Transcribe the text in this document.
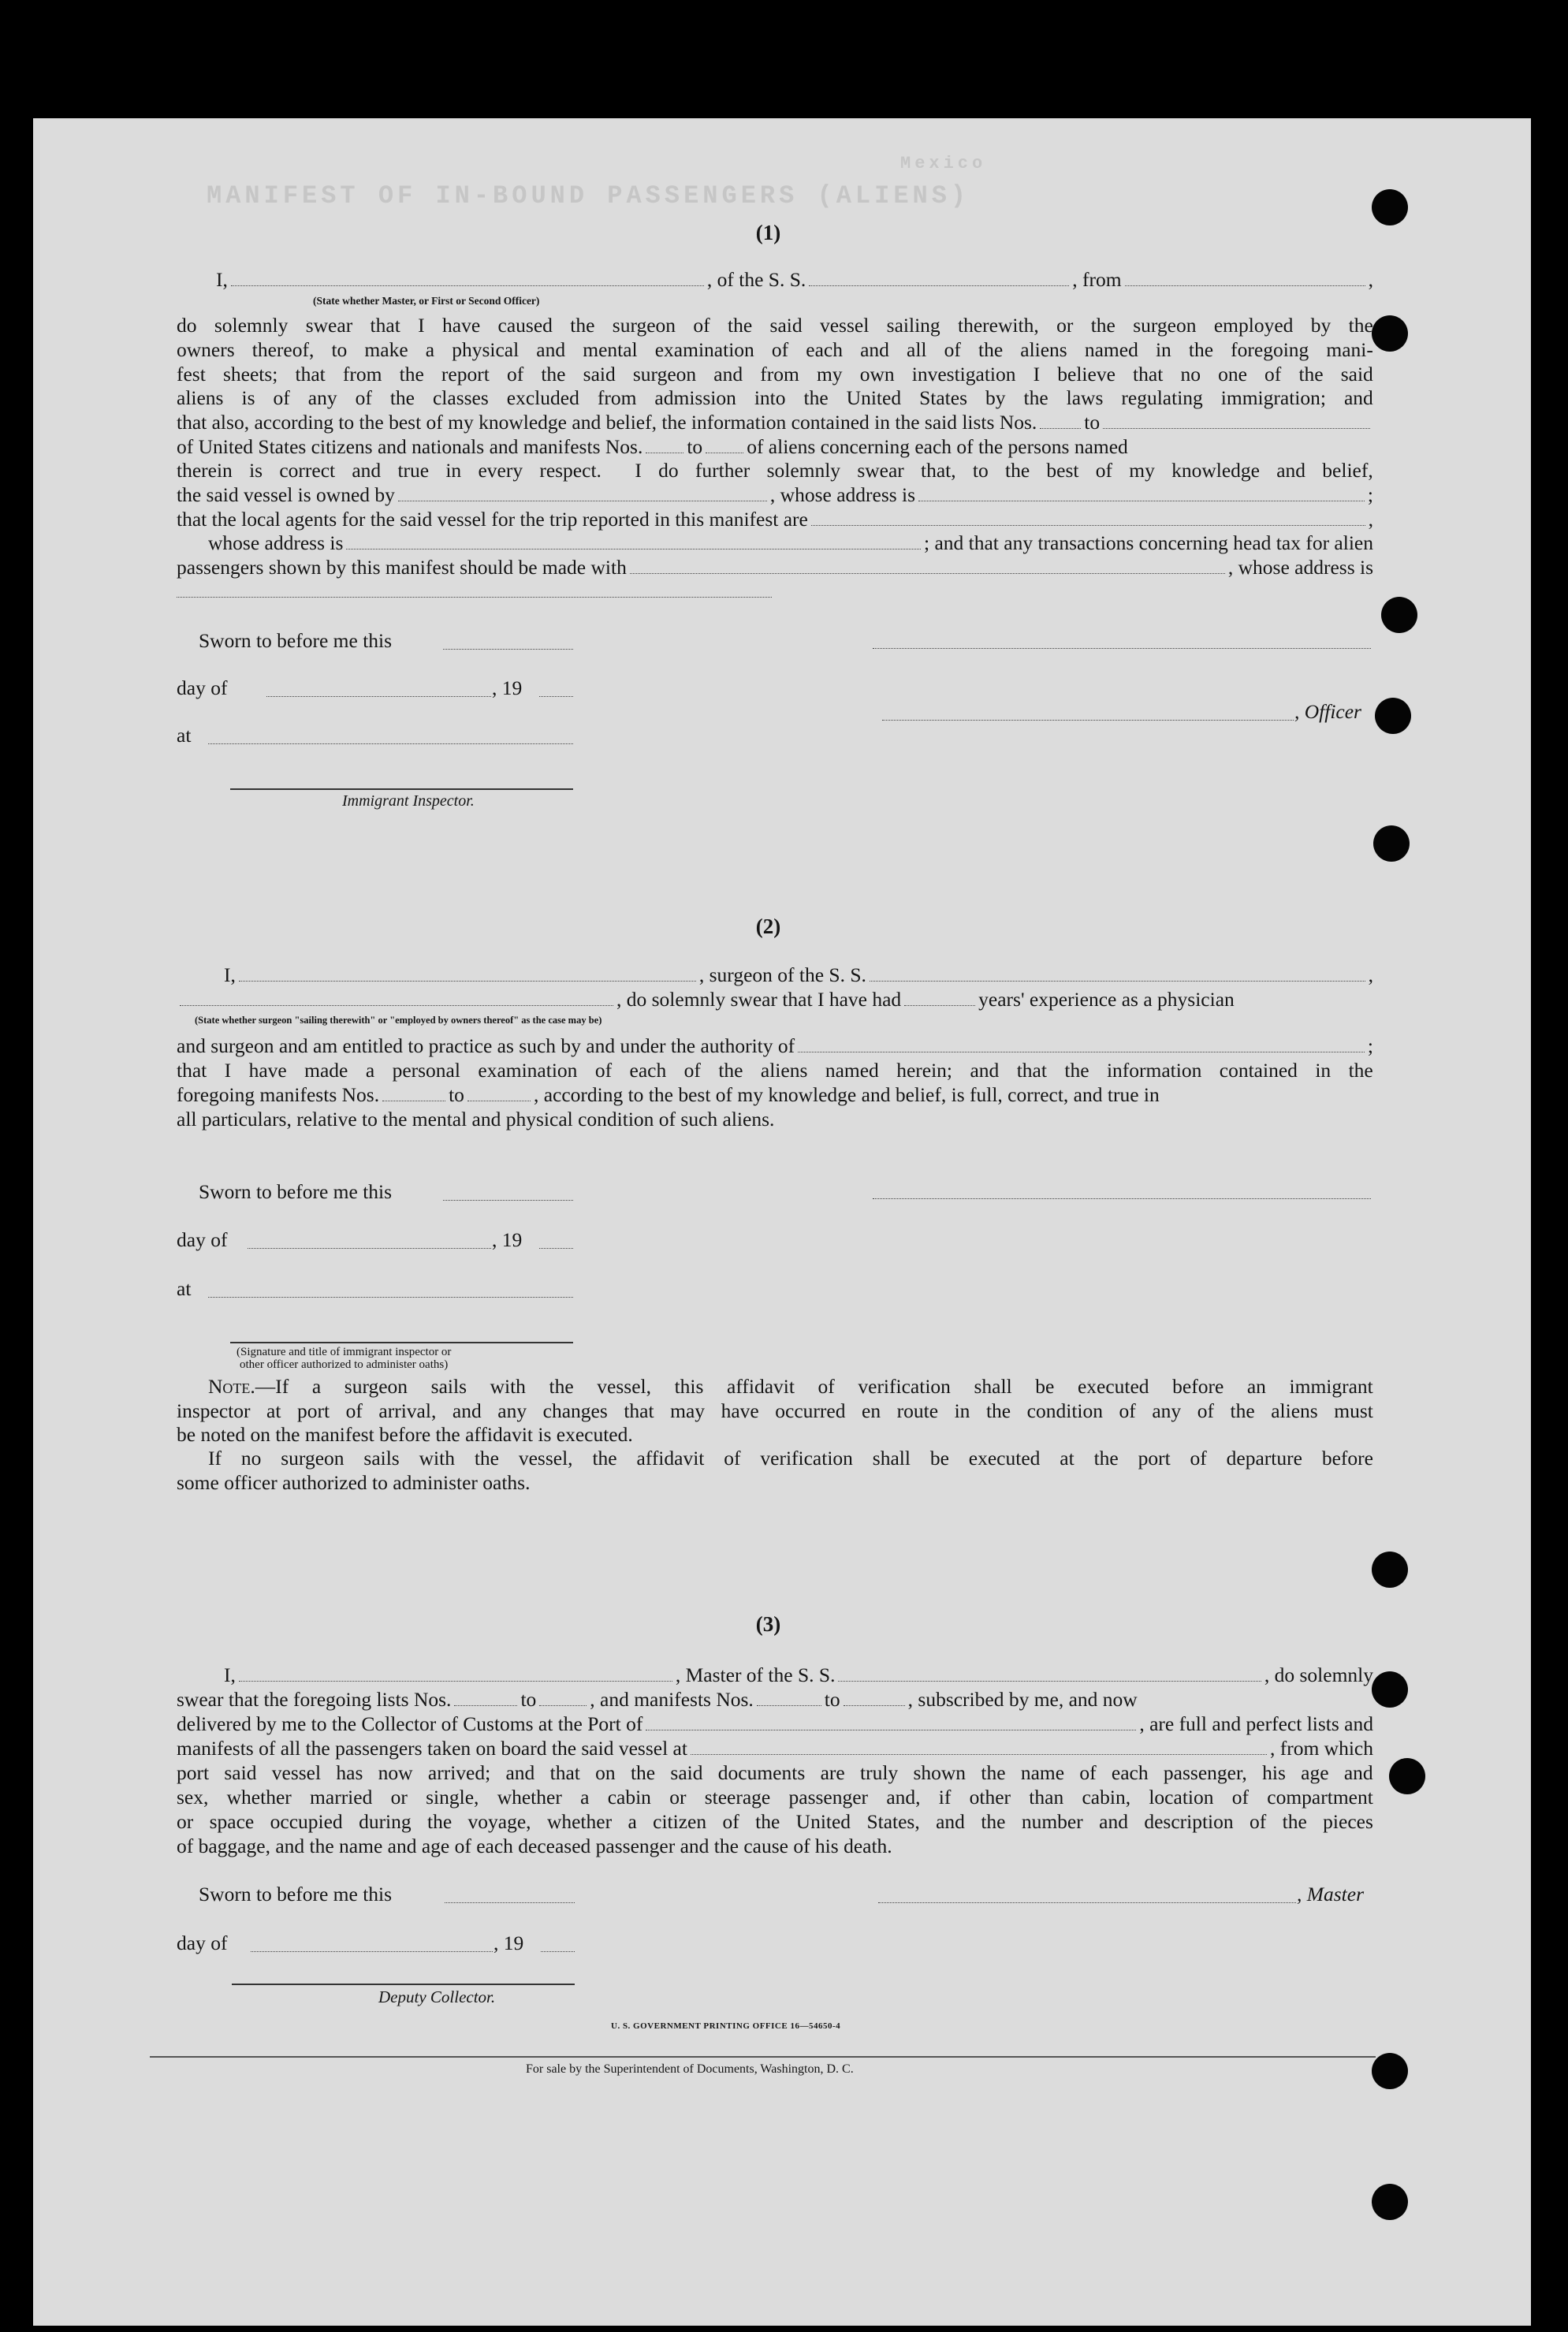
MANIFEST OF IN-BOUND PASSENGERS (ALIENS)
Mexico
(1)
I,	, of the S. S.	, from	,
(State whether Master, or First or Second Officer)
do solemnly swear that I have caused the surgeon of the said vessel sailing therewith, or the surgeon employed by the
owners thereof, to make a physical and mental examination of each and all of the aliens named in the foregoing mani-
fest sheets; that from the report of the said surgeon and from my own investigation I believe that no one of the said
aliens is of any of the classes excluded from admission into the United States by the laws regulating immigration; and
that also, according to the best of my knowledge and belief, the information contained in the said lists Nos. to
of United States citizens and nationals and manifests Nos. to of aliens concerning each of the persons named
therein is correct and true in every respect. I do further solemnly swear that, to the best of my knowledge and belief,
the said vessel is owned by	, whose address is	;
that the local agents for the said vessel for the trip reported in this manifest are	,
whose address is	; and that any transactions concerning head tax for alien
passengers shown by this manifest should be made with	, whose address is
Sworn to before me this
day of	, 19
, Officer
at
Immigrant Inspector.
(2)
I,	, surgeon of the S. S.	,
, do solemnly swear that I have had	years' experience as a physician
(State whether surgeon "sailing therewith" or "employed by owners thereof" as the case may be)
and surgeon and am entitled to practice as such by and under the authority of	;
that I have made a personal examination of each of the aliens named herein; and that the information contained in the
foregoing manifests Nos.	to	, according to the best of my knowledge and belief, is full, correct, and true in
all particulars, relative to the mental and physical condition of such aliens.
Sworn to before me this
day of	, 19
at
(Signature and title of immigrant inspector or
other officer authorized to administer oaths)
Note. —If a surgeon sails with the vessel, this affidavit of verification shall be executed before an immigrant
inspector at port of arrival, and any changes that may have occurred en route in the condition of any of the aliens must
be noted on the manifest before the affidavit is executed.
If no surgeon sails with the vessel, the affidavit of verification shall be executed at the port of departure before
some officer authorized to administer oaths.
(3)
I,	, Master of the S. S.	, do solemnly
swear that the foregoing lists Nos.	to	, and manifests Nos.	to	, subscribed by me, and now
delivered by me to the Collector of Customs at the Port of	, are full and perfect lists and
manifests of all the passengers taken on board the said vessel at	, from which
port said vessel has now arrived; and that on the said documents are truly shown the name of each passenger, his age and
sex, whether married or single, whether a cabin or steerage passenger and, if other than cabin, location of compartment
or space occupied during the voyage, whether a citizen of the United States, and the number and description of the pieces
of baggage, and the name and age of each deceased passenger and the cause of his death.
Sworn to before me this	, Master
day of	, 19
Deputy Collector.
U. S. GOVERNMENT PRINTING OFFICE 16—54650-4
For sale by the Superintendent of Documents, Washington, D. C.
